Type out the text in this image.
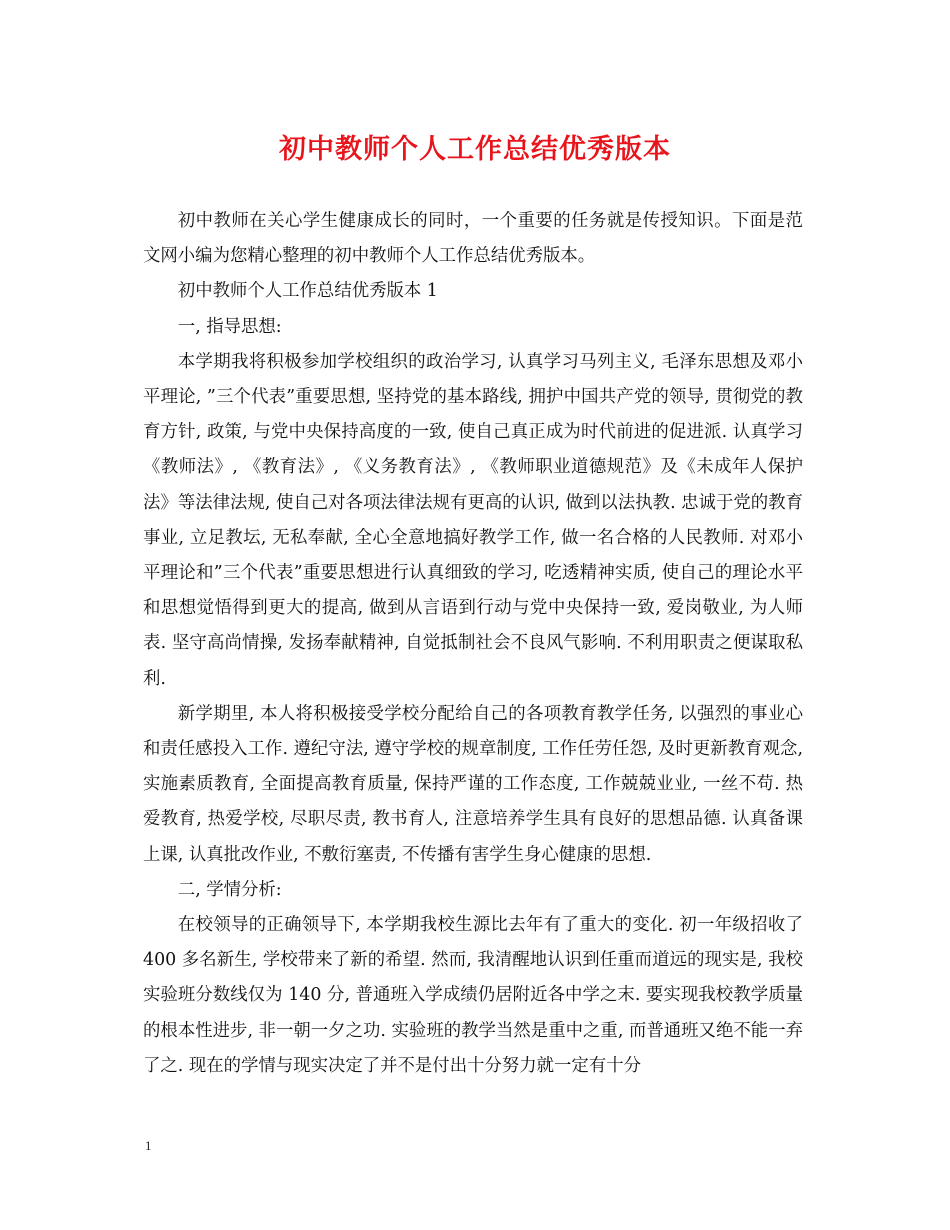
初中教师个人工作总结优秀版本

初中教师在关心学生健康成长的同时，一个重要的任务就是传授知识。下面是范文网小编为您精心整理的初中教师个人工作总结优秀版本。

初中教师个人工作总结优秀版本 1

一, 指导思想:

本学期我将积极参加学校组织的政治学习, 认真学习马列主义, 毛泽东思想及邓小平理论, ”三个代表”重要思想, 坚持党的基本路线, 拥护中国共产党的领导, 贯彻党的教育方针, 政策, 与党中央保持高度的一致, 使自己真正成为时代前进的促进派. 认真学习《教师法》, 《教育法》, 《义务教育法》, 《教师职业道德规范》及《未成年人保护法》等法律法规, 使自己对各项法律法规有更高的认识, 做到以法执教. 忠诚于党的教育事业, 立足教坛, 无私奉献, 全心全意地搞好教学工作, 做一名合格的人民教师. 对邓小平理论和”三个代表”重要思想进行认真细致的学习, 吃透精神实质, 使自己的理论水平和思想觉悟得到更大的提高, 做到从言语到行动与党中央保持一致, 爱岗敬业, 为人师表. 坚守高尚情操, 发扬奉献精神, 自觉抵制社会不良风气影响. 不利用职责之便谋取私利.

新学期里, 本人将积极接受学校分配给自己的各项教育教学任务, 以强烈的事业心和责任感投入工作. 遵纪守法, 遵守学校的规章制度, 工作任劳任怨, 及时更新教育观念, 实施素质教育, 全面提高教育质量, 保持严谨的工作态度, 工作兢兢业业, 一丝不苟. 热爱教育, 热爱学校, 尽职尽责, 教书育人, 注意培养学生具有良好的思想品德. 认真备课上课, 认真批改作业, 不敷衍塞责, 不传播有害学生身心健康的思想.

二, 学情分析:

在校领导的正确领导下, 本学期我校生源比去年有了重大的变化. 初一年级招收了 400 多名新生, 学校带来了新的希望. 然而, 我清醒地认识到任重而道远的现实是, 我校实验班分数线仅为 140 分, 普通班入学成绩仍居附近各中学之末. 要实现我校教学质量的根本性进步, 非一朝一夕之功. 实验班的教学当然是重中之重, 而普通班又绝不能一弃了之. 现在的学情与现实决定了并不是付出十分努力就一定有十分

1
